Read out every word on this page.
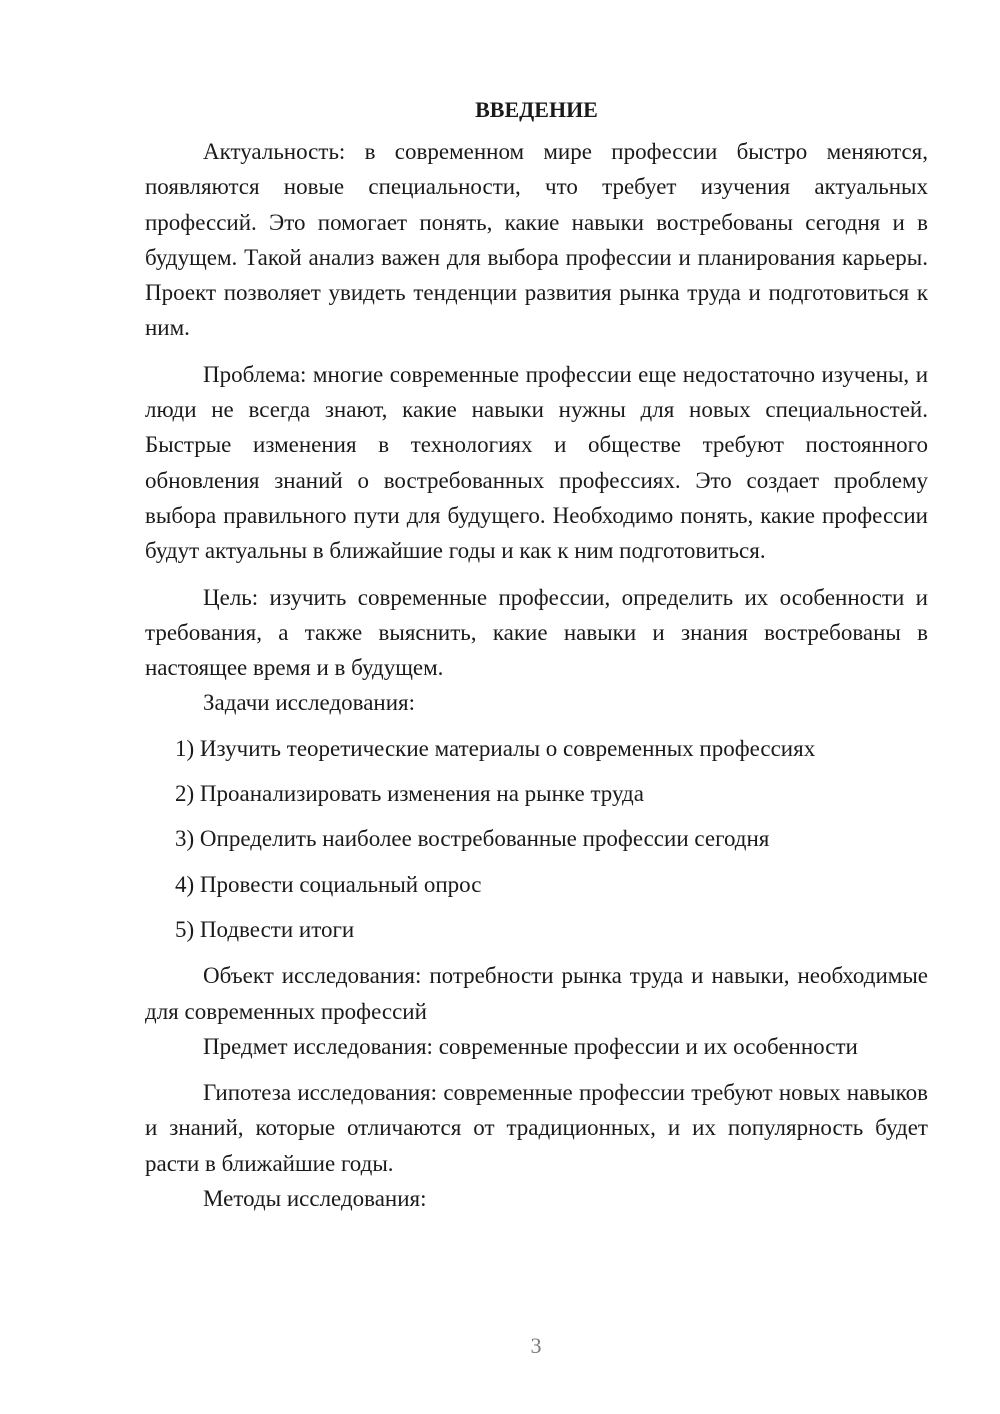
ВВЕДЕНИЕ

Актуальность: в современном мире профессии быстро меняются, появляются новые специальности, что требует изучения актуальных профессий. Это помогает понять, какие навыки востребованы сегодня и в будущем. Такой анализ важен для выбора профессии и планирования карьеры. Проект позволяет увидеть тенденции развития рынка труда и подготовиться к ним.

Проблема: многие современные профессии еще недостаточно изучены, и люди не всегда знают, какие навыки нужны для новых специальностей. Быстрые изменения в технологиях и обществе требуют постоянного обновления знаний о востребованных профессиях. Это создает проблему выбора правильного пути для будущего. Необходимо понять, какие профессии будут актуальны в ближайшие годы и как к ним подготовиться.

Цель: изучить современные профессии, определить их особенности и требования, а также выяснить, какие навыки и знания востребованы в настоящее время и в будущем.

Задачи исследования:

1) Изучить теоретические материалы о современных профессиях
2) Проанализировать изменения на рынке труда
3) Определить наиболее востребованные профессии сегодня
4) Провести социальный опрос
5) Подвести итоги

Объект исследования: потребности рынка труда и навыки, необходимые для современных профессий

Предмет исследования: современные профессии и их особенности

Гипотеза исследования: современные профессии требуют новых навыков и знаний, которые отличаются от традиционных, и их популярность будет расти в ближайшие годы.

Методы исследования:

3
